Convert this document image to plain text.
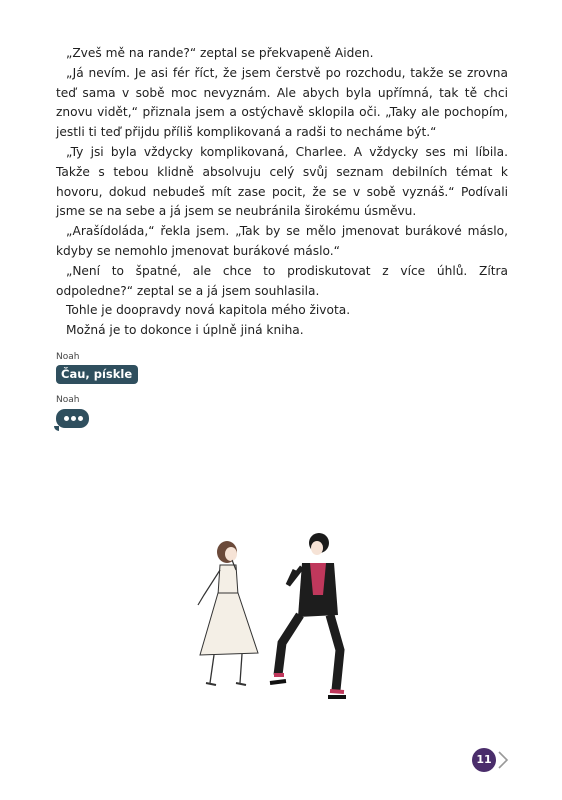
„Zveš mě na rande?“ zeptal se překvapeně Aiden.

„Já nevím. Je asi fér říct, že jsem čerstvě po rozchodu, takže se zrovna teď sama v sobě moc nevyznám. Ale abych byla upřímná, tak tě chci znovu vidět,“ přiznala jsem a ostýchavě sklopila oči. „Taky ale pochopím, jestli ti teď přijdu příliš komplikovaná a radši to necháme být.“

„Ty jsi byla vždycky komplikovaná, Charlee. A vždycky ses mi líbila. Takže s tebou klidně absolvuju celý svůj seznam debilních témat k hovoru, dokud nebudeš mít zase pocit, že se v sobě vyznáš.“ Podívali jsme se na sebe a já jsem se neubránila širokému úsměvu.

„Arašídoláda,“ řekla jsem. „Tak by se mělo jmenovat burákové máslo, kdyby se nemohlo jmenovat burákové máslo.“

„Není to špatné, ale chce to prodiskutovat z více úhlů. Zítra odpoledne?“ zeptal se a já jsem souhlasila.

Tohle je doopravdy nová kapitola mého života.

Možná je to dokonce i úplně jiná kniha.

Noah
Čau, pískle
Noah
11
